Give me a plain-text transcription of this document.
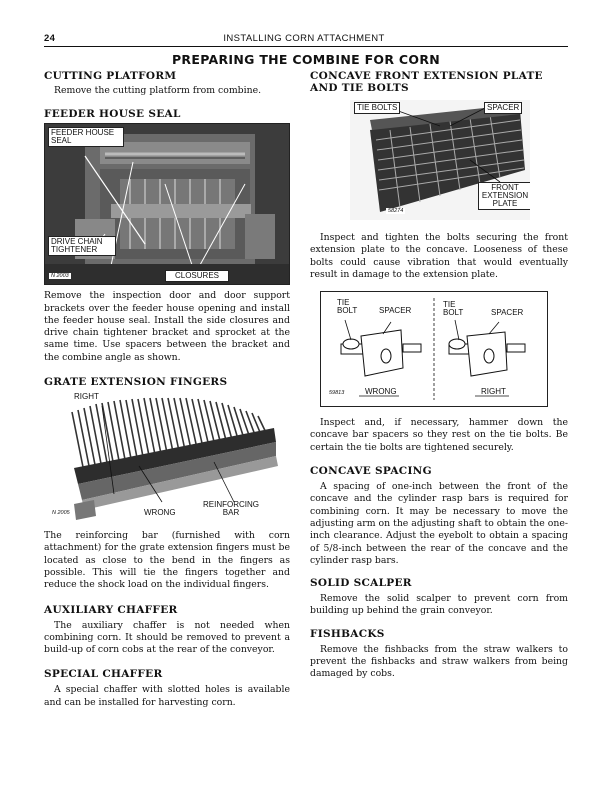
24	INSTALLING CORN ATTACHMENT
PREPARING THE COMBINE FOR CORN
CUTTING PLATFORM

Remove the cutting platform from combine.

FEEDER HOUSE SEAL
FEEDER HOUSE SEAL
DRIVE CHAIN TIGHTENER
CLOSURES
N 2003

Remove the inspection door and door support brackets over the feeder house opening and install the feeder house seal. Install the side closures and drive chain tightener bracket and sprocket at the same time. Use spacers between the bracket and the combine angle as shown.

GRATE EXTENSION FINGERS
RIGHT
WRONG
REINFORCING BAR
N 2005

The reinforcing bar (furnished with corn attachment) for the grate extension fingers must be located as close to the bend in the fingers as possible. This will tie the fingers together and reduce the shock load on the individual fingers.

AUXILIARY CHAFFER

The auxiliary chaffer is not needed when combining corn. It should be removed to prevent a build-up of corn cobs at the rear of the conveyor.

SPECIAL CHAFFER

A special chaffer with slotted holes is available and can be installed for harvesting corn.

CONCAVE FRONT EXTENSION PLATE AND TIE BOLTS
TIE BOLTS	SPACER
FRONT EXTENSION PLATE
58274

Inspect and tighten the bolts securing the front extension plate to the concave. Looseness of these bolts could cause vibration that would eventually result in damage to the extension plate.

TIE
BOLT	SPACER
TIE
BOLT	SPACER
WRONG	RIGHT
59813

Inspect and, if necessary, hammer down the concave bar spacers so they rest on the tie bolts. Be certain the tie bolts are tightened securely.

CONCAVE SPACING

A spacing of one-inch between the front of the concave and the cylinder rasp bars is required for combining corn. It may be necessary to move the adjusting arm on the adjusting shaft to obtain the one-inch clearance. Adjust the eyebolt to obtain a spacing of 5/8-inch between the rear of the concave and the cylinder rasp bars.

SOLID SCALPER

Remove the solid scalper to prevent corn from building up behind the grain conveyor.

FISHBACKS

Remove the fishbacks from the straw walkers to prevent the fishbacks and straw walkers from being damaged by cobs.
